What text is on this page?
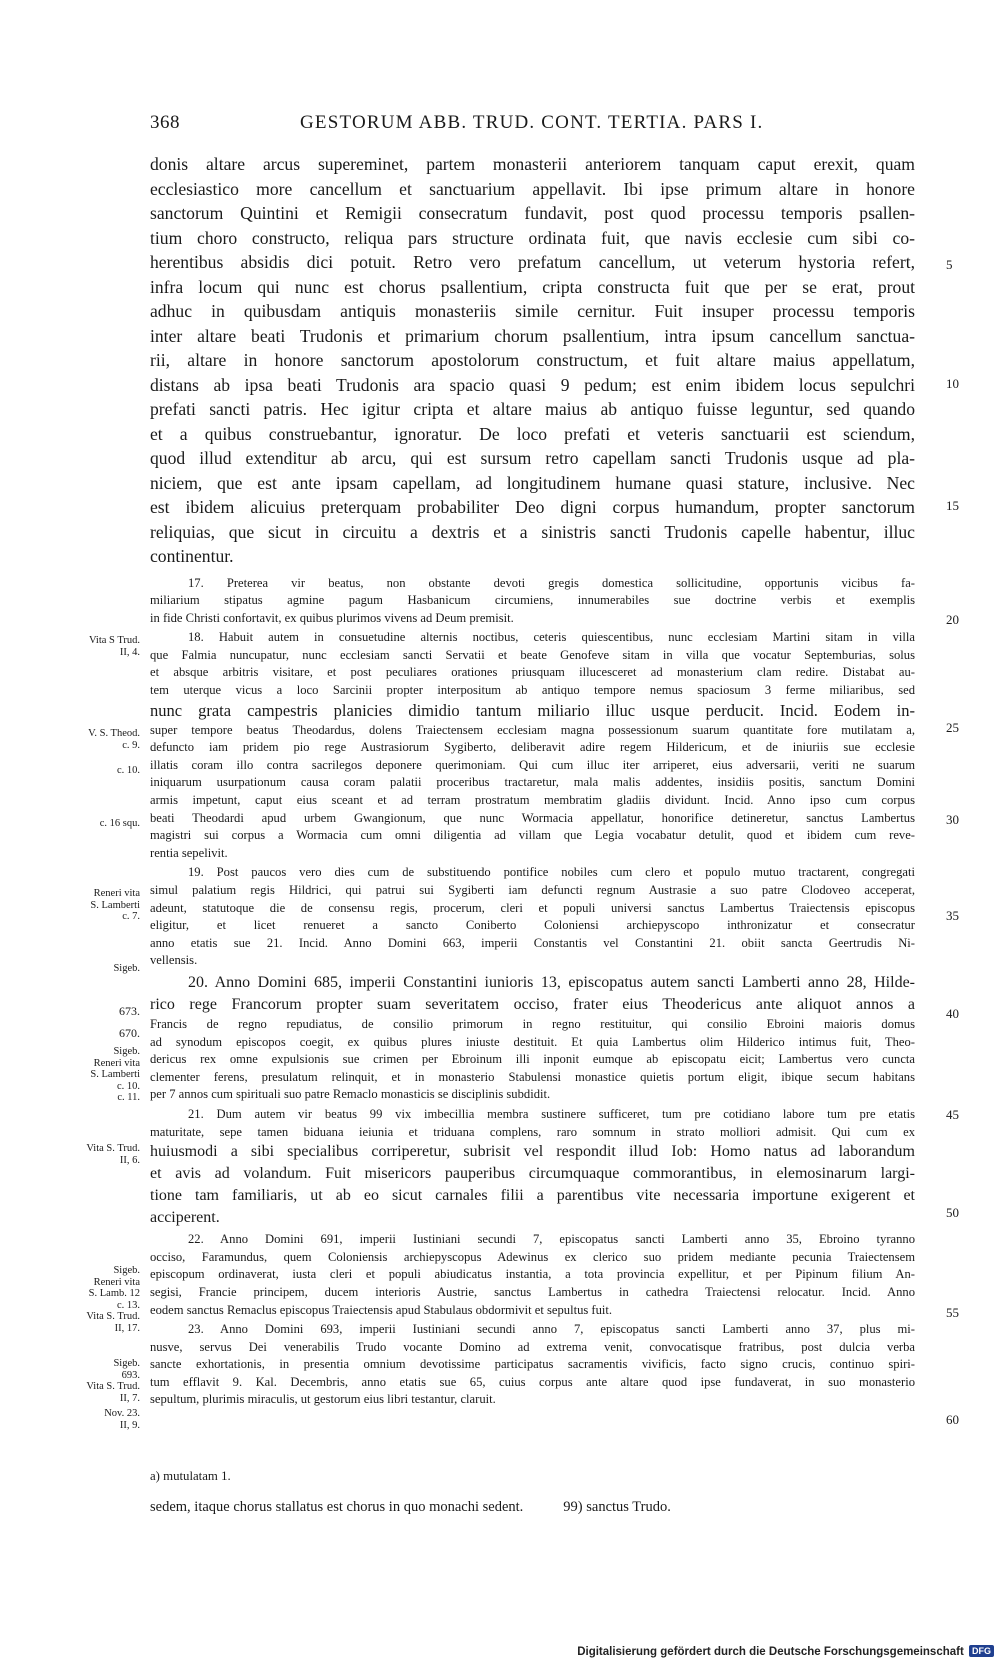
368	GESTORUM ABB. TRUD. CONT. TERTIA. PARS I.
donis altare arcus supereminet, partem monasterii anteriorem tanquam caput erexit, quam
ecclesiastico more cancellum et sanctuarium appellavit. Ibi ipse primum altare in honore
sanctorum Quintini et Remigii consecratum fundavit, post quod processu temporis psallen-
tium choro constructo, reliqua pars structure ordinata fuit, que navis ecclesie cum sibi co-
herentibus absidis dici potuit. Retro vero prefatum cancellum, ut veterum hystoria refert,
infra locum qui nunc est chorus psallentium, cripta constructa fuit que per se erat, prout
adhuc in quibusdam antiquis monasteriis simile cernitur. Fuit insuper processu temporis
inter altare beati Trudonis et primarium chorum psallentium, intra ipsum cancellum sanctua-
rii, altare in honore sanctorum apostolorum constructum, et fuit altare maius appellatum,
distans ab ipsa beati Trudonis ara spacio quasi 9 pedum; est enim ibidem locus sepulchri
prefati sancti patris. Hec igitur cripta et altare maius ab antiquo fuisse leguntur, sed quando
et a quibus construebantur, ignoratur. De loco prefati et veteris sanctuarii est sciendum,
quod illud extenditur ab arcu, qui est sursum retro capellam sancti Trudonis usque ad pla-
niciem, que est ante ipsam capellam, ad longitudinem humane quasi stature, inclusive. Nec
est ibidem alicuius preterquam probabiliter Deo digni corpus humandum, propter sanctorum
reliquias, que sicut in circuitu a dextris et a sinistris sancti Trudonis capelle habentur, illuc
continentur.
17. Preterea vir beatus, non obstante devoti gregis domestica sollicitudine, opportunis vicibus fa-
miliarium stipatus agmine pagum Hasbanicum circumiens, innumerabiles sue doctrine verbis et exemplis
in fide Christi confortavit, ex quibus plurimos vivens ad Deum premisit.
18. Habuit autem in consuetudine alternis noctibus, ceteris quiescentibus, nunc ecclesiam Martini sitam in villa
que Falmia nuncupatur, nunc ecclesiam sancti Servatii et beate Genofeve sitam in villa que vocatur Septemburias, solus
et absque arbitris visitare, et post peculiares orationes priusquam illucesceret ad monasterium clam redire. Distabat au-
tem uterque vicus a loco Sarcinii propter interpositum ab antiquo tempore nemus spaciosum 3 ferme miliaribus, sed
nunc grata campestris planicies dimidio tantum miliario illuc usque perducit. Incid. Eodem in-
super tempore beatus Theodardus, dolens Traiectensem ecclesiam magna possessionum suarum quantitate fore mutilatam a,
defuncto iam pridem pio rege Austrasiorum Sygiberto, deliberavit adire regem Hildericum, et de iniuriis sue ecclesie
illatis coram illo contra sacrilegos deponere querimoniam. Qui cum illuc iter arriperet, eius adversarii, veriti ne suarum
iniquarum usurpationum causa coram palatii proceribus tractaretur, mala malis addentes, insidiis positis, sanctum Domini
armis impetunt, caput eius sceant et ad terram prostratum membratim gladiis dividunt. Incid. Anno ipso cum corpus
beati Theodardi apud urbem Gwangionum, que nunc Wormacia appellatur, honorifice detineretur, sanctus Lambertus
magistri sui corpus a Wormacia cum omni diligentia ad villam que Legia vocabatur detulit, quod et ibidem cum reve-
rentia sepelivit.
19. Post paucos vero dies cum de substituendo pontifice nobiles cum clero et populo mutuo tractarent, congregati
simul palatium regis Hildrici, qui patrui sui Sygiberti iam defuncti regnum Austrasie a suo patre Clodoveo acceperat,
adeunt, statutoque die de consensu regis, procerum, cleri et populi universi sanctus Lambertus Traiectensis episcopus
eligitur, et licet renueret a sancto Coniberto Coloniensi archiepyscopo inthronizatur et consecratur
anno etatis sue 21. Incid. Anno Domini 663, imperii Constantis vel Constantini 21. obiit sancta Geertrudis Ni-
vellensis.
20. Anno Domini 685, imperii Constantini iunioris 13, episcopatus autem sancti Lamberti anno 28, Hilde-
rico rege Francorum propter suam severitatem occiso, frater eius Theodericus ante aliquot annos a
Francis de regno repudiatus, de consilio primorum in regno restituitur, qui consilio Ebroini maioris domus
ad synodum episcopos coegit, ex quibus plures iniuste destituit. Et quia Lambertus olim Hilderico intimus fuit, Theo-
dericus rex omne expulsionis sue crimen per Ebroinum illi inponit eumque ab episcopatu eicit; Lambertus vero cuncta
clementer ferens, presulatum relinquit, et in monasterio Stabulensi monastice quietis portum eligit, ibique secum habitans
per 7 annos cum spirituali suo patre Remaclo monasticis se disciplinis subdidit.
21. Dum autem vir beatus 99 vix imbecillia membra sustinere sufficeret, tum pre cotidiano labore tum pre etatis
maturitate, sepe tamen biduana ieiunia et triduana complens, raro somnum in strato molliori admisit. Qui cum ex
huiusmodi a sibi specialibus corriperetur, subrisit vel respondit illud Iob: Homo natus ad laborandum
et avis ad volandum. Fuit misericors pauperibus circumquaque commorantibus, in elemosinarum largi-
tione tam familiaris, ut ab eo sicut carnales filii a parentibus vite necessaria importune exigerent et
acciperent.
22. Anno Domini 691, imperii Iustiniani secundi 7, episcopatus sancti Lamberti anno 35, Ebroino tyranno
occiso, Faramundus, quem Coloniensis archiepyscopus Adewinus ex clerico suo pridem mediante pecunia Traiectensem
episcopum ordinaverat, iusta cleri et populi abiudicatus instantia, a tota provincia expellitur, et per Pipinum filium An-
segisi, Francie principem, ducem interioris Austrie, sanctus Lambertus in cathedra Traiectensi relocatur. Incid. Anno
eodem sanctus Remaclus episcopus Traiectensis apud Stabulaus obdormivit et sepultus fuit.
23. Anno Domini 693, imperii Iustiniani secundi anno 7, episcopatus sancti Lamberti anno 37, plus mi-
nusve, servus Dei venerabilis Trudo vocante Domino ad extrema venit, convocatisque fratribus, post dulcia verba
sancte exhortationis, in presentia omnium devotissime participatus sacramentis vivificis, facto signo crucis, continuo spiri-
tum efflavit 9. Kal. Decembris, anno etatis sue 65, cuius corpus ante altare quod ipse fundaverat, in suo monasterio
sepultum, plurimis miraculis, ut gestorum eius libri testantur, claruit.
Vita S Trud.
II, 4.
V. S. Theod.
c. 9.
c. 10.
c. 16 squ.
Reneri vita
S. Lamberti
c. 7.
Sigeb.
673.
670.
Sigeb.
Reneri vita
S. Lamberti
c. 10.
c. 11.
Vita S. Trud.
II, 6.
Sigeb.
Reneri vita
S. Lamb. 12
c. 13.
Vita S. Trud.
II, 17.
Sigeb.
693.
Vita S. Trud.
II, 7.
Nov. 23.
II, 9.
5
10
15
20
25
30
35
40
45
50
55
60
a) mutulatam 1.
sedem, itaque chorus stallatus est chorus in quo monachi sedent.	99) sanctus Trudo.
Digitalisierung gefördert durch die Deutsche Forschungsgemeinschaft DFG
